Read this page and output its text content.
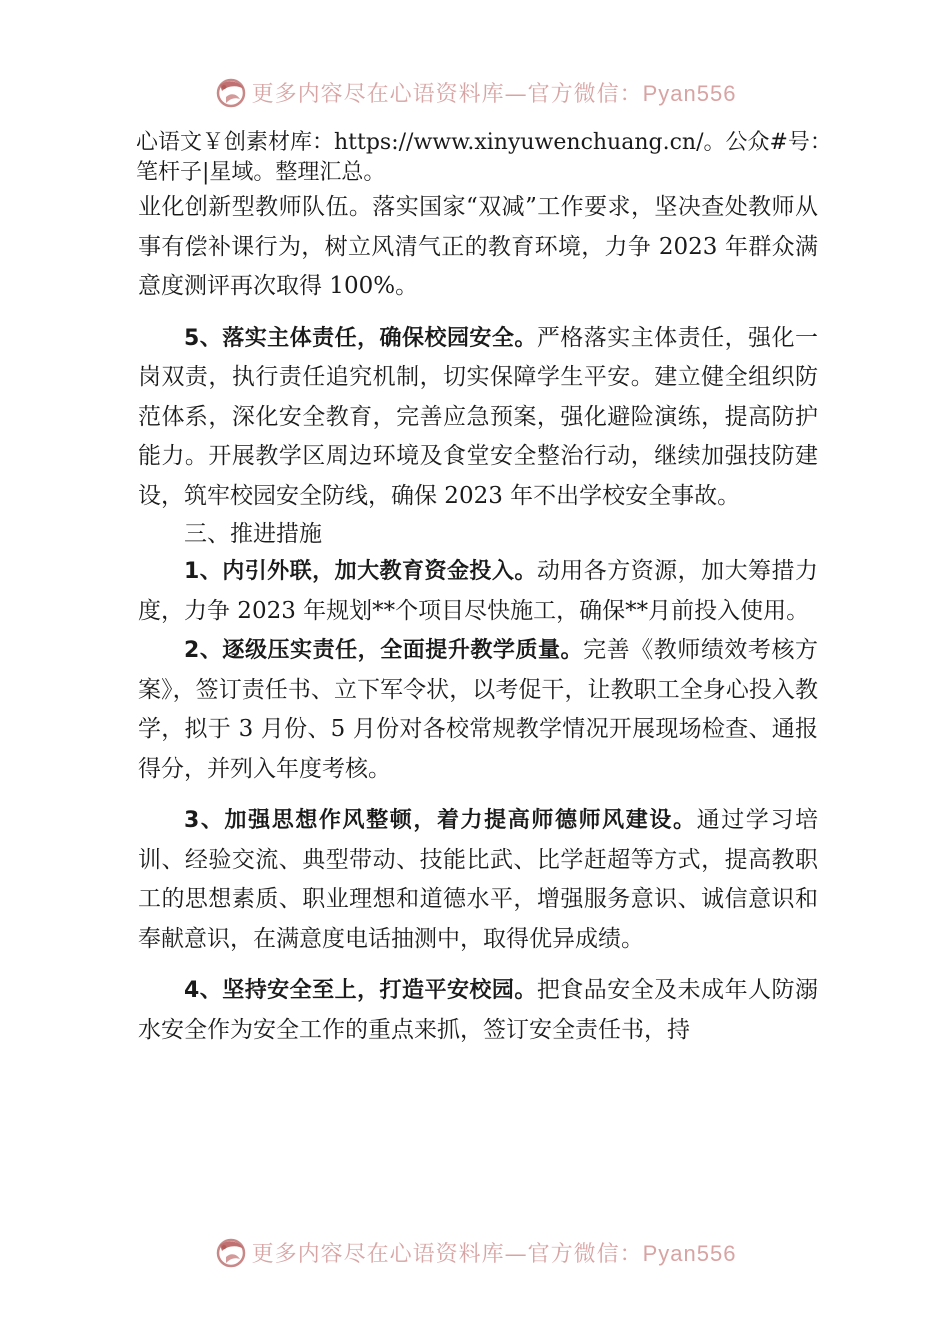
更多内容尽在心语资料库—官方微信：Pyan556
心语文￥创素材库：https://www.xinyuwenchuang.cn/。公众#号：笔杆子|星域。整理汇总。

业化创新型教师队伍。落实国家“双减”工作要求，坚决查处教师从事有偿补课行为，树立风清气正的教育环境，力争 2023 年群众满意度测评再次取得 100%。

5、落实主体责任，确保校园安全。严格落实主体责任，强化一岗双责，执行责任追究机制，切实保障学生平安。建立健全组织防范体系，深化安全教育，完善应急预案，强化避险演练，提高防护能力。开展教学区周边环境及食堂安全整治行动，继续加强技防建设，筑牢校园安全防线，确保 2023 年不出学校安全事故。

三、推进措施

1、内引外联，加大教育资金投入。动用各方资源，加大筹措力度，力争 2023 年规划**个项目尽快施工，确保**月前投入使用。

2、逐级压实责任，全面提升教学质量。完善《教师绩效考核方案》，签订责任书、立下军令状，以考促干，让教职工全身心投入教学，拟于 3 月份、5 月份对各校常规教学情况开展现场检查、通报得分，并列入年度考核。

3、加强思想作风整顿，着力提高师德师风建设。通过学习培训、经验交流、典型带动、技能比武、比学赶超等方式，提高教职工的思想素质、职业理想和道德水平，增强服务意识、诚信意识和奉献意识，在满意度电话抽测中，取得优异成绩。

4、坚持安全至上，打造平安校园。把食品安全及未成年人防溺水安全作为安全工作的重点来抓，签订安全责任书，持

更多内容尽在心语资料库—官方微信：Pyan556
